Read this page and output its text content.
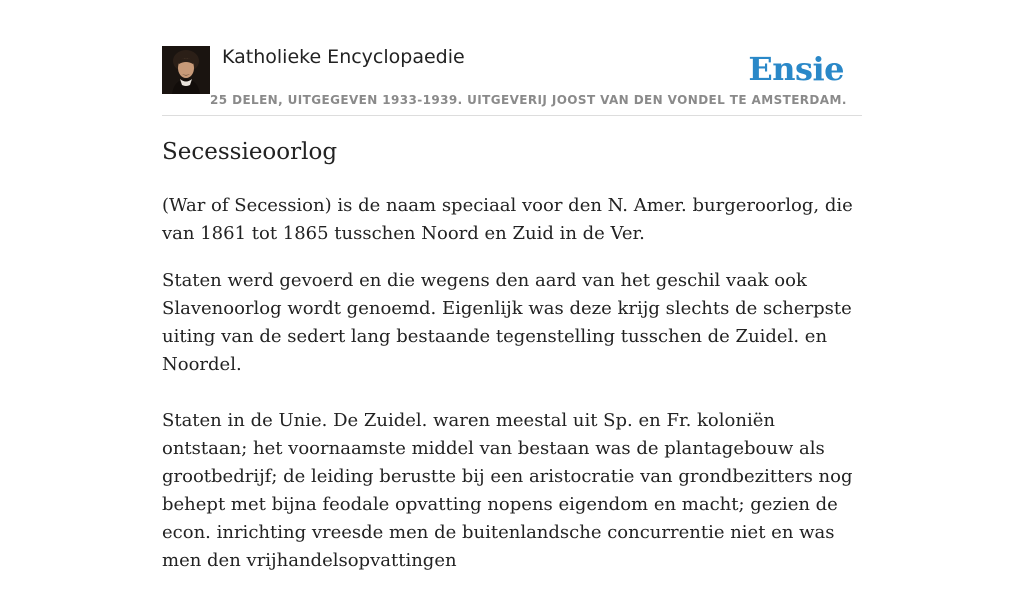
Katholieke Encyclopaedie
25 DELEN, UITGEGEVEN 1933-1939. UITGEVERIJ JOOST VAN DEN VONDEL TE AMSTERDAM.
Ensie
Secessieoorlog

(War of Secession) is de naam speciaal voor den N. Amer. burgeroorlog, die van 1861 tot 1865 tusschen Noord en Zuid in de Ver.

Staten werd gevoerd en die wegens den aard van het geschil vaak ook Slavenoorlog wordt genoemd. Eigenlijk was deze krijg slechts de scherpste uiting van de sedert lang bestaande tegenstelling tusschen de Zuidel. en Noordel.

Staten in de Unie. De Zuidel. waren meestal uit Sp. en Fr. koloniën ontstaan; het voornaamste middel van bestaan was de plantagebouw als grootbedrijf; de leiding berustte bij een aristocratie van grondbezitters nog behept met bijna feodale opvatting nopens eigendom en macht; gezien de econ. inrichting vreesde men de buitenlandsche concurrentie niet en was men den vrijhandelsopvattingen
